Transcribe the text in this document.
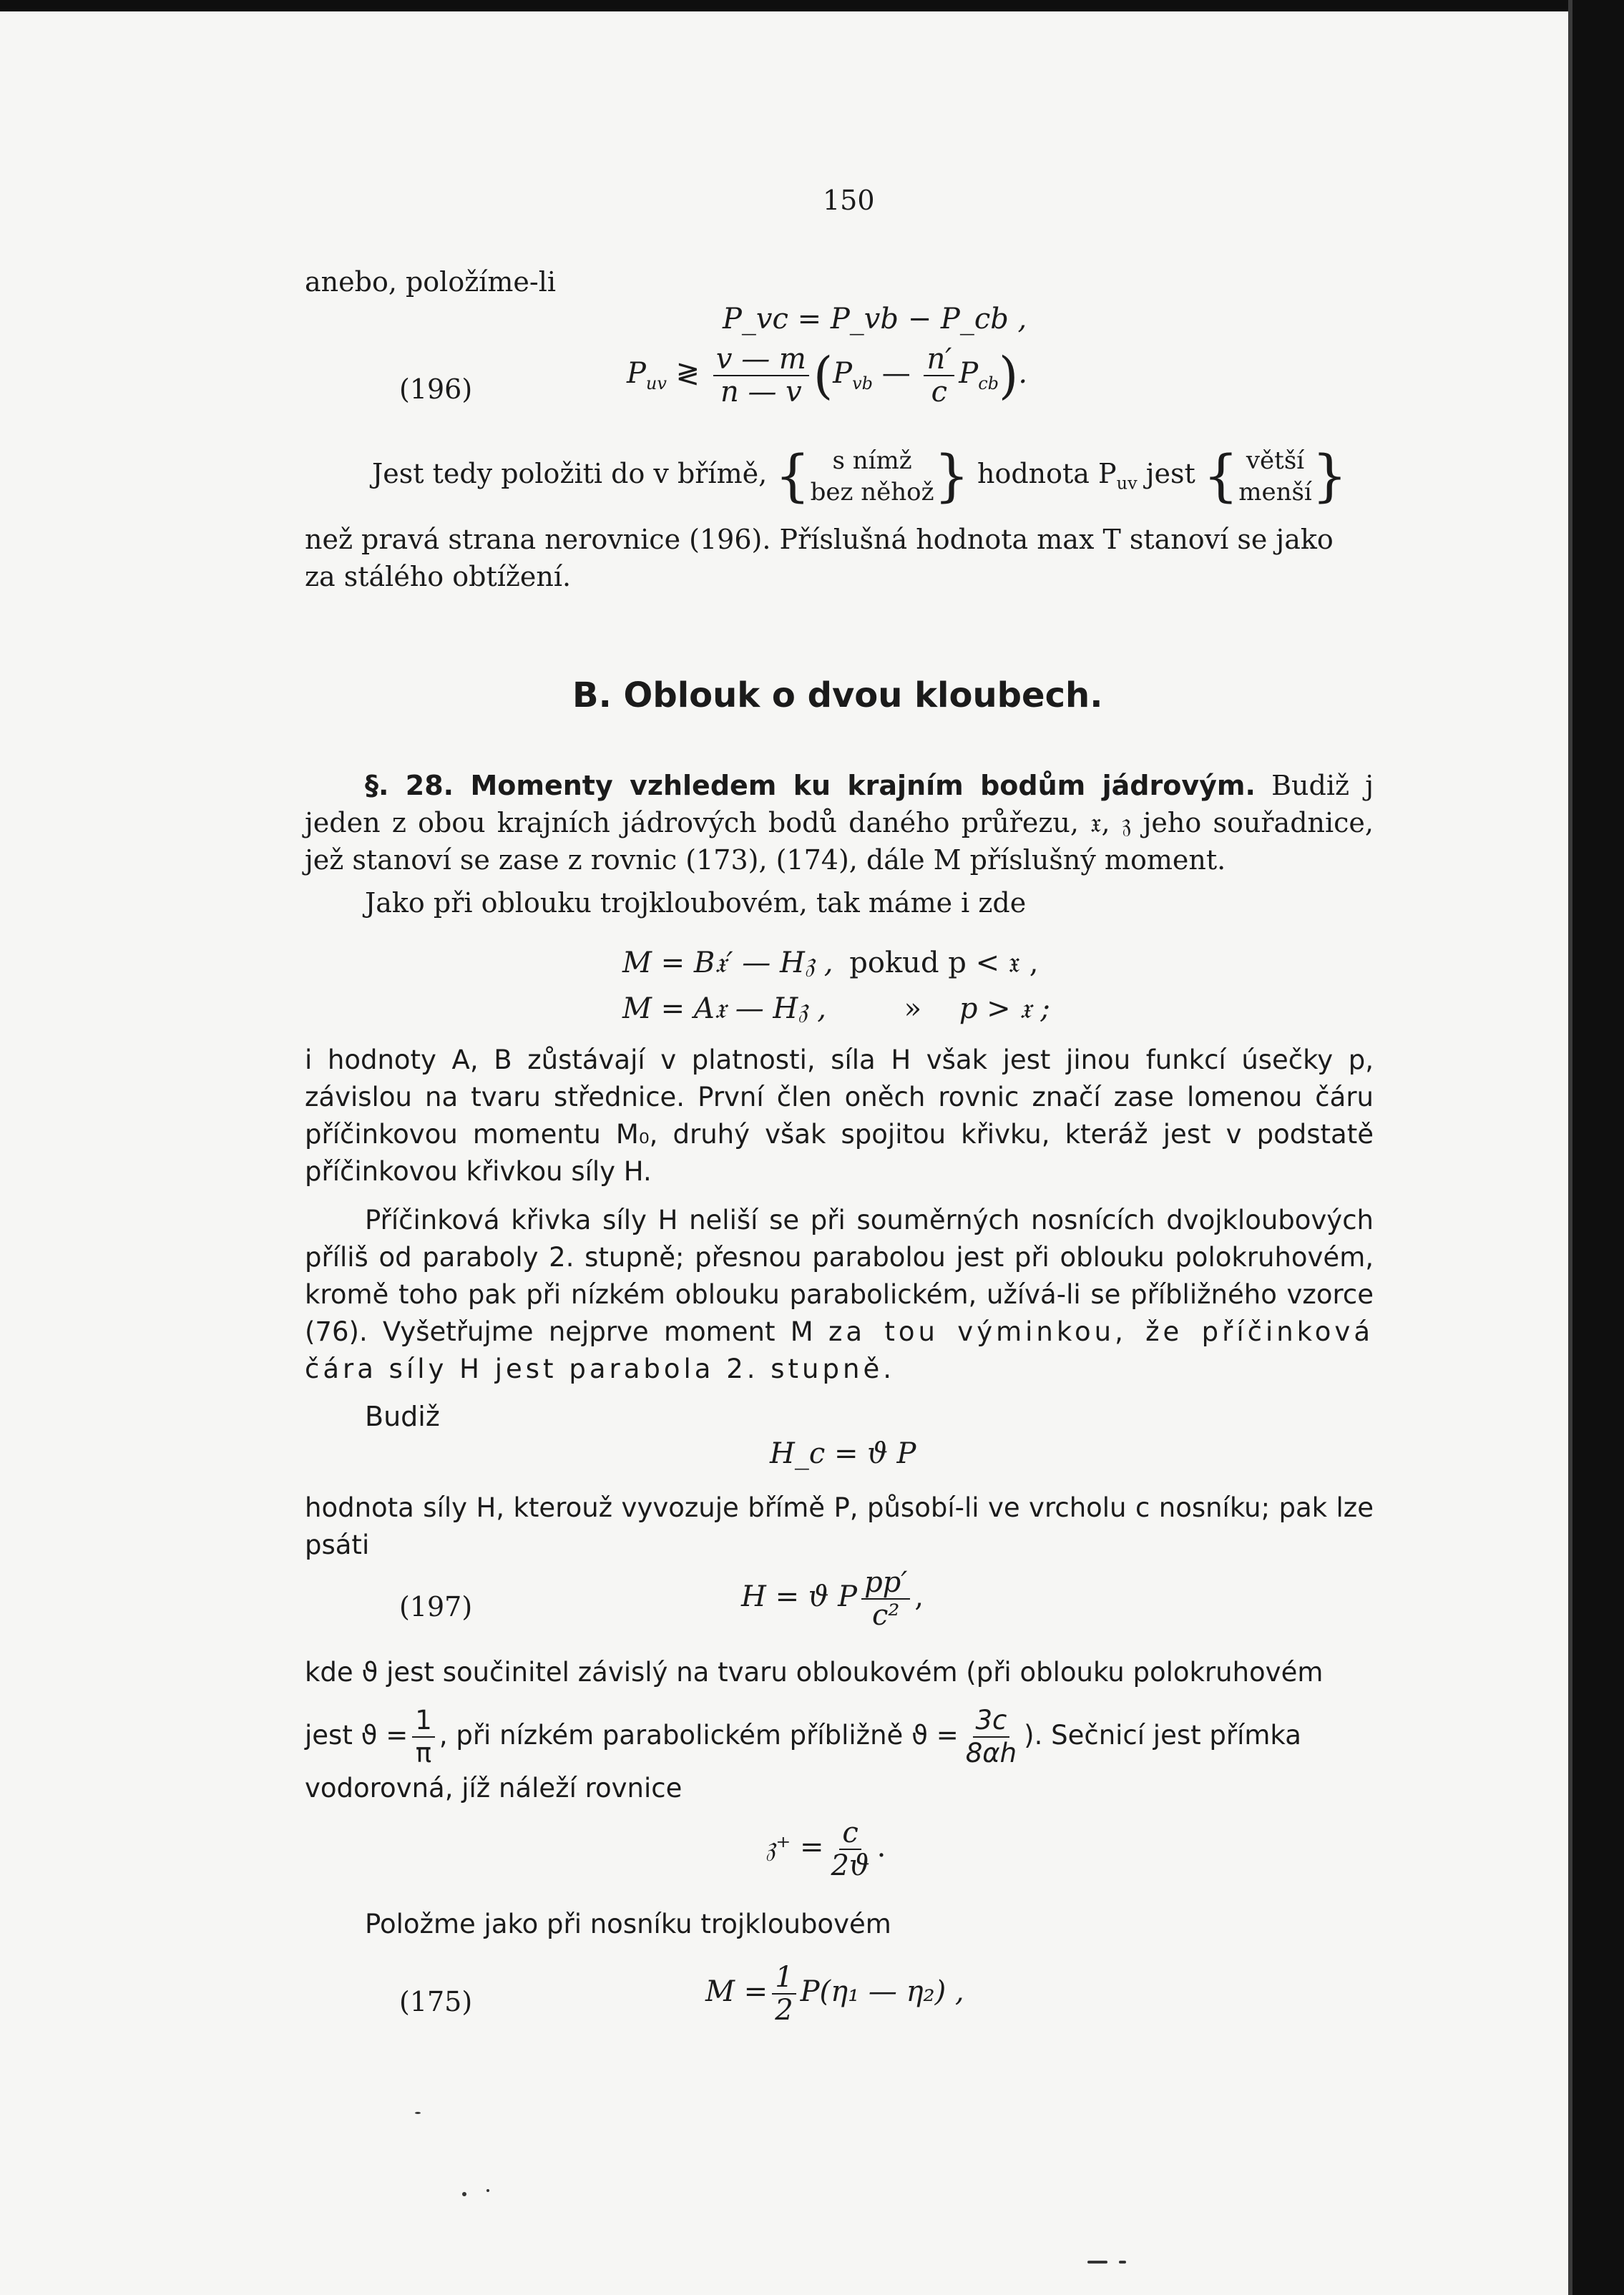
150
anebo, položíme-li
P_vc = P_vb − P_cb ,
(196)	$P_{uv}$ ≷ $\frac{v — m}{n — v} (P_{vb}$ — $\frac{n'}{c} P_{cb}$).
Jest tedy položiti do v břímě, { s nímž
bez něhož} hodnota $P_{uv}$ jest { větší
menší}
než pravá strana nerovnice (196). Příslušná hodnota max T stanoví se jako
za stálého obtížení.
B. Oblouk o dvou kloubech.

§. 28. Momenty vzhledem ku krajním bodům jádrovým. Budiž j jeden z obou krajních jádrových bodů daného průřezu, 𝔵, 𝔷 jeho souřadnice, jež stanoví se zase z rovnic (173), (174), dále M příslušný moment.

Jako při oblouku trojkloubovém, tak máme i zde
M = B𝔵′ — H𝔷 , pokud p < 𝔵 ,
M = A𝔵 — H𝔷 ,	» p > 𝔵 ;

i hodnoty A, B zůstávají v platnosti, síla H však jest jinou funkcí úsečky p, závislou na tvaru střednice. První člen oněch rovnic značí zase lomenou čáru příčinkovou momentu M₀, druhý však spojitou křivku, kteráž jest v podstatě příčinkovou křivkou síly H.

Příčinková křivka síly H neliší se při souměrných nosnících dvojkloubových příliš od paraboly 2. stupně; přesnou parabolou jest při oblouku polokruhovém, kromě toho pak při nízkém oblouku parabolickém, užívá-li se příbližného vzorce (76). Vyšetřujme nejprve moment M za tou výminkou, že příčinková čára síly H jest parabola 2. stupně.

Budiž
H_c = ϑ P

hodnota síly H, kterouž vyvozuje břímě P, působí-li ve vrcholu c nosníku; pak lze psáti

(197)	H = ϑ P $\frac{pp'}{\text{c²}}$ ,
kde ϑ jest součinitel závislý na tvaru obloukovém (při oblouku polokruhovém
jest $ϑ = \frac{1}{\pi}$ , při nízkém parabolickém příbližně $ϑ = \frac{3c}{8\alpha h}$ ). Sečnicí jest přímka
vodorovná, jíž náleží rovnice
𝔷⁺ = $\frac{c}{2ϑ}$ .
Položme jako při nosníku trojkloubovém
(175)	$M = \frac{1}{2} P(\eta_1$ — η₂) ,
